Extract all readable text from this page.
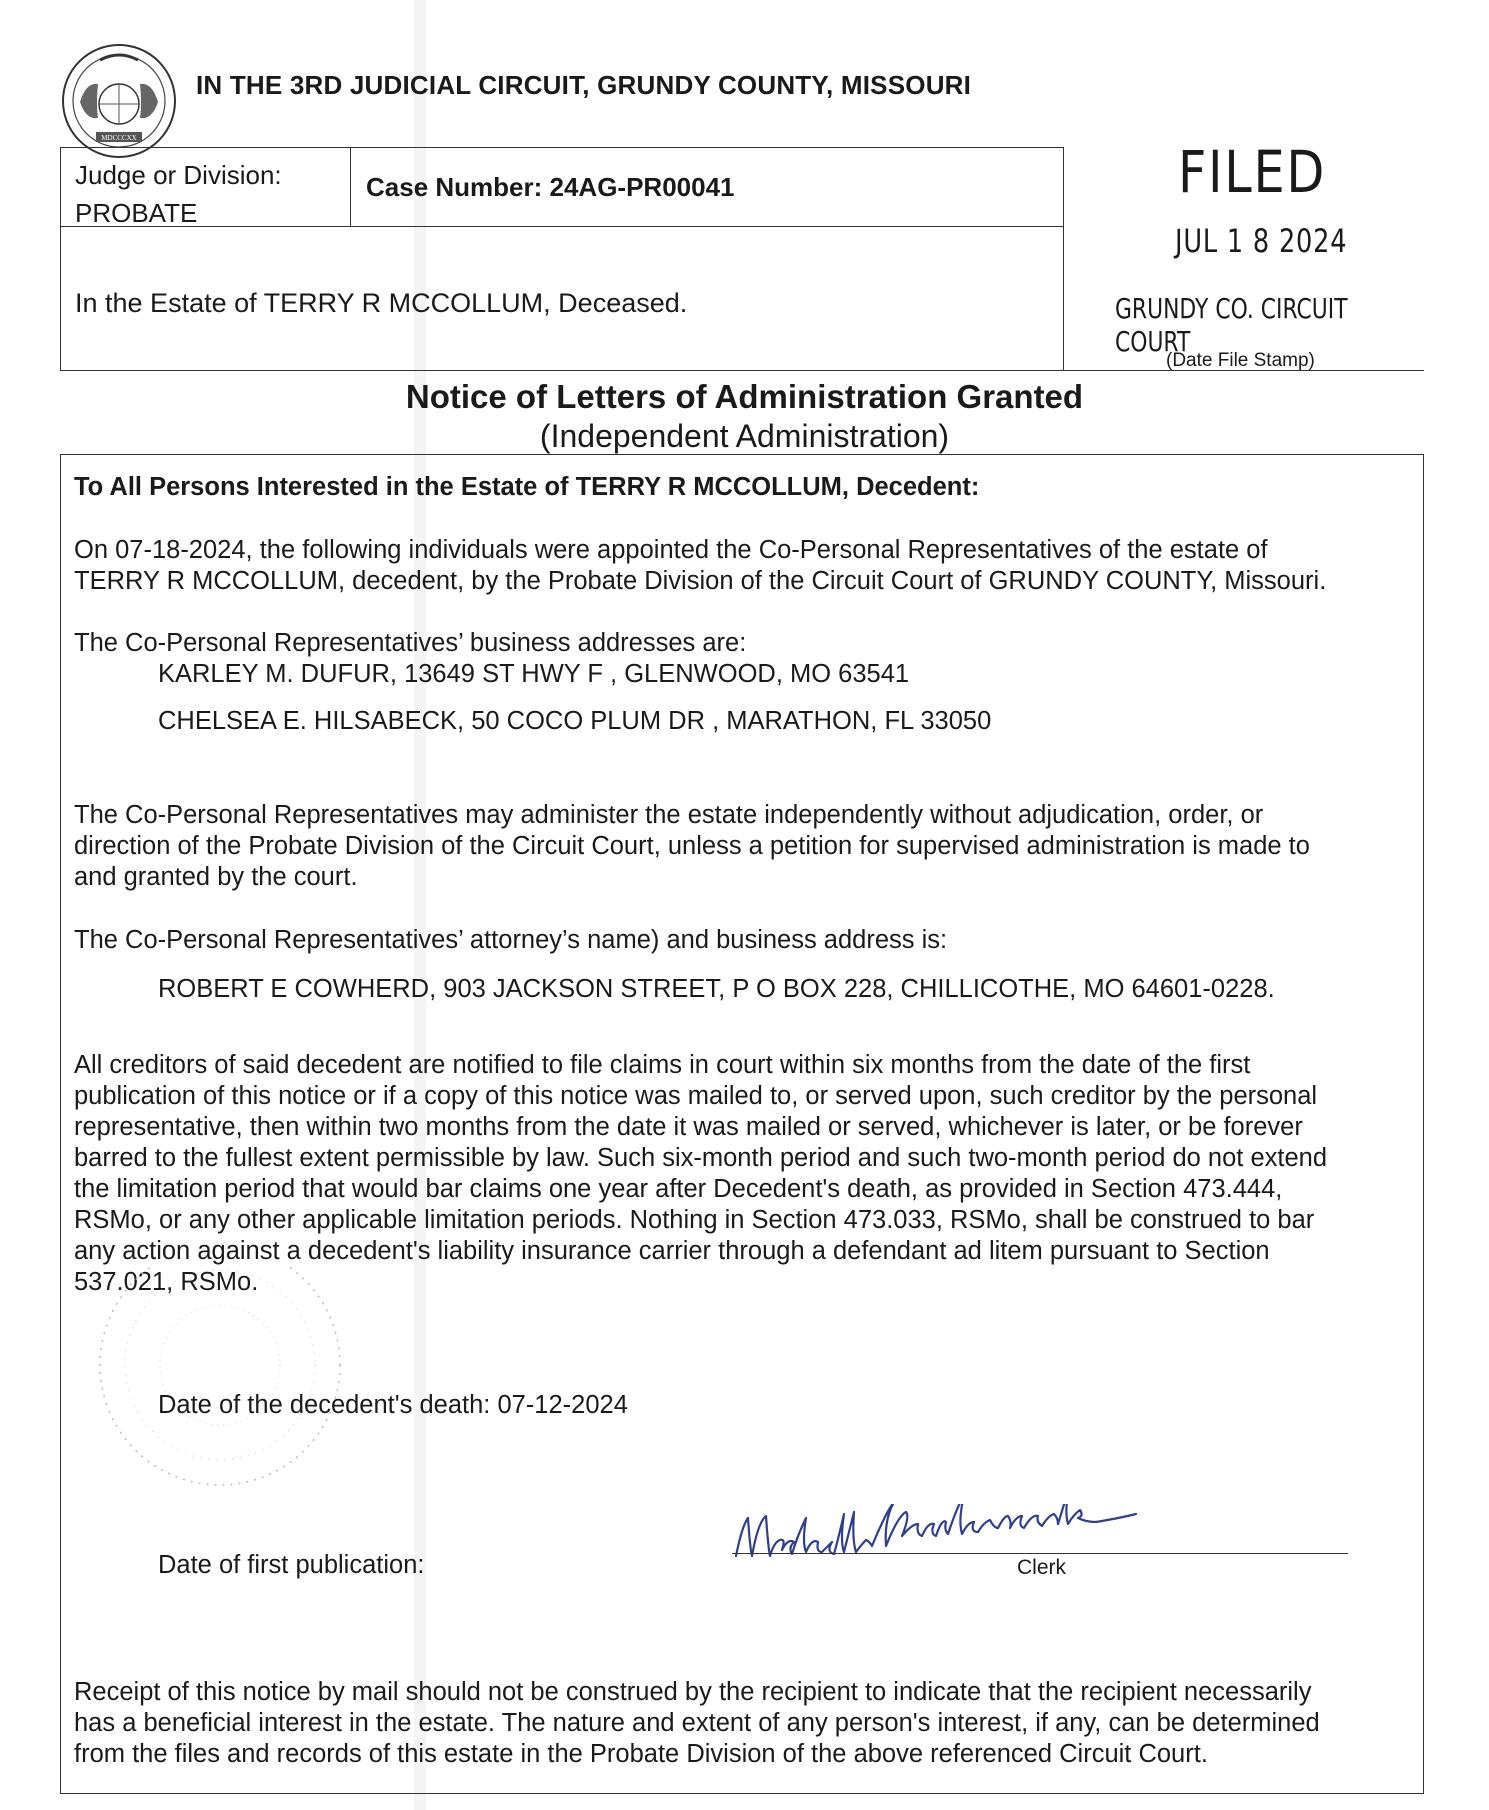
MDCCCXX
IN THE 3RD JUDICIAL CIRCUIT, GRUNDY COUNTY, MISSOURI
Judge or Division:
PROBATE
Case Number: 24AG-PR00041
In the Estate of TERRY R MCCOLLUM, Deceased.
FILED
JUL 1 8 2024
GRUNDY CO. CIRCUIT COURT
(Date File Stamp)
Notice of Letters of Administration Granted
(Independent Administration)
To All Persons Interested in the Estate of TERRY R MCCOLLUM, Decedent:
On 07-18-2024, the following individuals were appointed the Co-Personal Representatives of the estate of
TERRY R MCCOLLUM, decedent, by the Probate Division of the Circuit Court of GRUNDY COUNTY, Missouri.
The Co-Personal Representatives’ business addresses are:
KARLEY M. DUFUR, 13649 ST HWY F , GLENWOOD, MO 63541
CHELSEA E. HILSABECK, 50 COCO PLUM DR , MARATHON, FL 33050
The Co-Personal Representatives may administer the estate independently without adjudication, order, or
direction of the Probate Division of the Circuit Court, unless a petition for supervised administration is made to
and granted by the court.
The Co-Personal Representatives’ attorney’s name) and business address is:
ROBERT E COWHERD, 903 JACKSON STREET, P O BOX 228, CHILLICOTHE, MO 64601-0228.
All creditors of said decedent are notified to file claims in court within six months from the date of the first
publication of this notice or if a copy of this notice was mailed to, or served upon, such creditor by the personal
representative, then within two months from the date it was mailed or served, whichever is later, or be forever
barred to the fullest extent permissible by law. Such six-month period and such two-month period do not extend
the limitation period that would bar claims one year after Decedent's death, as provided in Section 473.444,
RSMo, or any other applicable limitation periods. Nothing in Section 473.033, RSMo, shall be construed to bar
any action against a decedent's liability insurance carrier through a defendant ad litem pursuant to Section
537.021, RSMo.
Date of the decedent's death: 07-12-2024
Date of first publication:	Clerk
Receipt of this notice by mail should not be construed by the recipient to indicate that the recipient necessarily
has a beneficial interest in the estate. The nature and extent of any person's interest, if any, can be determined
from the files and records of this estate in the Probate Division of the above referenced Circuit Court.
